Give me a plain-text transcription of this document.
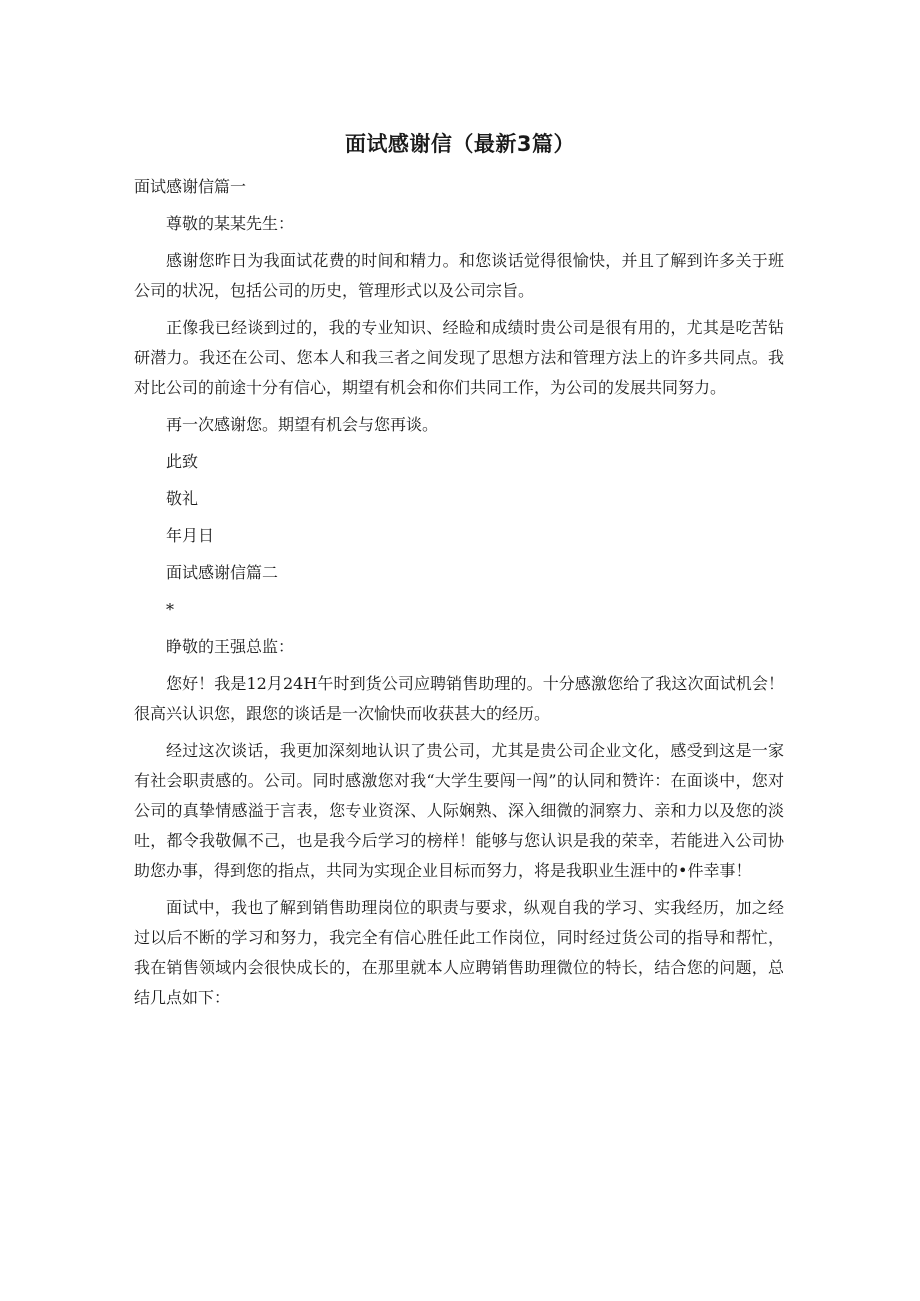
面试感谢信（最新3篇）

面试感谢信篇一

尊敬的某某先生：

感谢您昨日为我面试花费的时间和精力。和您谈话觉得很愉快，并且了解到许多关于班公司的状况，包括公司的历史，管理形式以及公司宗旨。

正像我已经谈到过的，我的专业知识、经睑和成绩时贵公司是很有用的，尤其是吃苦钻研潜力。我还在公司、您本人和我三者之间发现了思想方法和管理方法上的许多共同点。我对比公司的前途十分有信心，期望有机会和你们共同工作，为公司的发展共同努力。

再一次感谢您。期望有机会与您再谈。

此致

敬礼

年月日

面试感谢信篇二

*

睁敬的王强总监：

您好！我是12月24H午时到货公司应聘销售助理的。十分感激您给了我这次面试机会！很高兴认识您，跟您的谈话是一次愉快而收获甚大的经历。

经过这次谈话，我更加深刻地认识了贵公司，尤其是贵公司企业文化，感受到这是一家有社会职责感的。公司。同时感激您对我“大学生要闯一闯”的认同和赞许：在面谈中，您对公司的真挚情感溢于言表，您专业资深、人际娴熟、深入细微的洞察力、亲和力以及您的淡吐，都令我敬佩不己，也是我今后学习的榜样！能够与您认识是我的荣幸，若能进入公司协助您办事，得到您的指点，共同为实现企业目标而努力，将是我职业生涯中的•件幸事！

面试中，我也了解到销售助理岗位的职责与要求，纵观自我的学习、实我经历，加之经过以后不断的学习和努力，我完全有信心胜任此工作岗位，同时经过货公司的指导和帮忙，我在销售领域内会很快成长的，在那里就本人应聘销售助理微位的特长，结合您的问题，总结几点如下：
